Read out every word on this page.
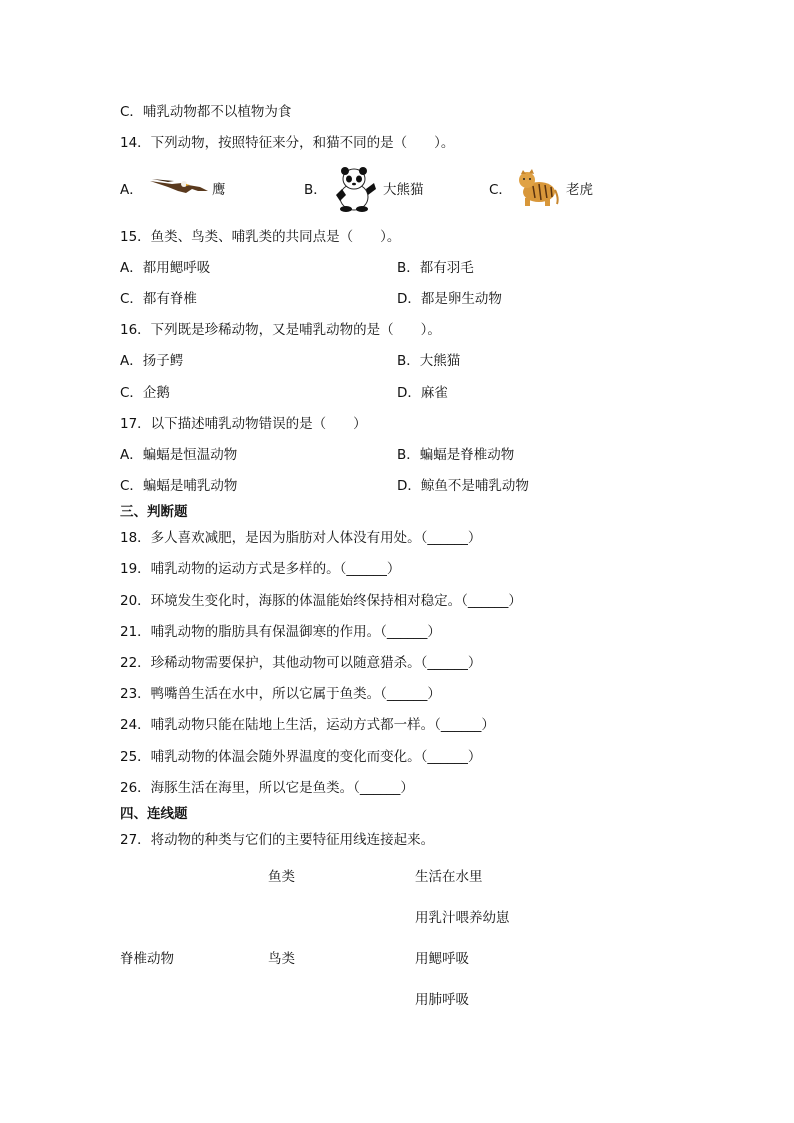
C．哺乳动物都不以植物为食
14．下列动物，按照特征来分，和猫不同的是（　　）。
A．	鹰	B．	大熊猫	C．	老虎
15．鱼类、鸟类、哺乳类的共同点是（　　）。
A．都用鳃呼吸	B．都有羽毛
C．都有脊椎	D．都是卵生动物
16．下列既是珍稀动物，又是哺乳动物的是（　　）。
A．扬子鳄	B．大熊猫
C．企鹅	D．麻雀
17．以下描述哺乳动物错误的是（　　）
A．蝙蝠是恒温动物	B．蝙蝠是脊椎动物
C．蝙蝠是哺乳动物	D．鲸鱼不是哺乳动物
三、判断题
18．多人喜欢减肥，是因为脂肪对人体没有用处。（______）
19．哺乳动物的运动方式是多样的。（______）
20．环境发生变化时，海豚的体温能始终保持相对稳定。（______）
21．哺乳动物的脂肪具有保温御寒的作用。（______）
22．珍稀动物需要保护，其他动物可以随意猎杀。（______）
23．鸭嘴兽生活在水中，所以它属于鱼类。（______）
24．哺乳动物只能在陆地上生活，运动方式都一样。（______）
25．哺乳动物的体温会随外界温度的变化而变化。（______）
26．海豚生活在海里，所以它是鱼类。（______）
四、连线题
27．将动物的种类与它们的主要特征用线连接起来。
鱼类	生活在水里
用乳汁喂养幼崽
脊椎动物	鸟类	用鳃呼吸
用肺呼吸
